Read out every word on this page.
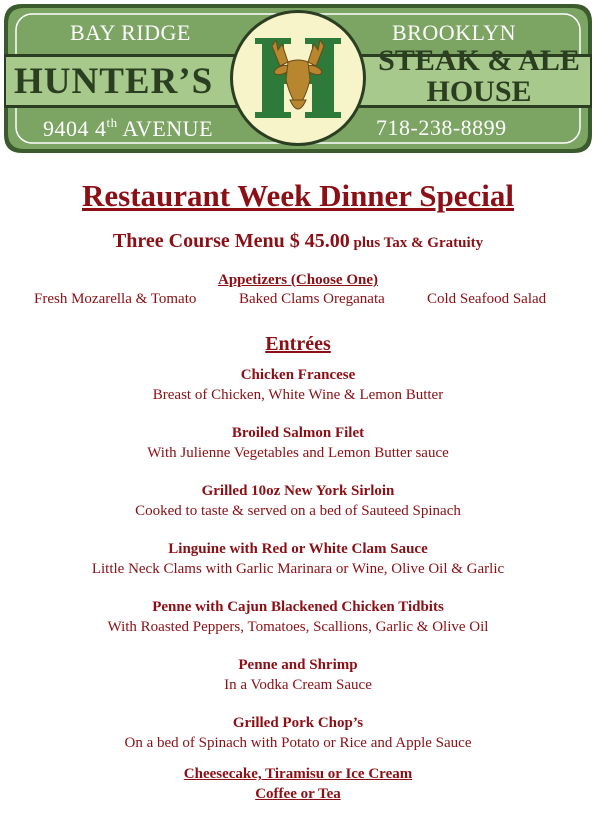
BAY RIDGE	BROOKLYN
HUNTER’S
STEAK & ALE
HOUSE
9404 4th AVENUE	718-238-8899
Restaurant Week Dinner Special
Three Course Menu $ 45.00 plus Tax & Gratuity
Appetizers (Choose One)
Fresh Mozarella & Tomato	Baked Clams Oreganata	Cold Seafood Salad
Entrées
Chicken Francese
Breast of Chicken, White Wine & Lemon Butter
Broiled Salmon Filet
With Julienne Vegetables and Lemon Butter sauce
Grilled 10oz New York Sirloin
Cooked to taste & served on a bed of Sauteed Spinach
Linguine with Red or White Clam Sauce
Little Neck Clams with Garlic Marinara or Wine, Olive Oil & Garlic
Penne with Cajun Blackened Chicken Tidbits
With Roasted Peppers, Tomatoes, Scallions, Garlic & Olive Oil
Penne and Shrimp
In a Vodka Cream Sauce
Grilled Pork Chop’s
On a bed of Spinach with Potato or Rice and Apple Sauce
Cheesecake, Tiramisu or Ice Cream
Coffee or Tea
